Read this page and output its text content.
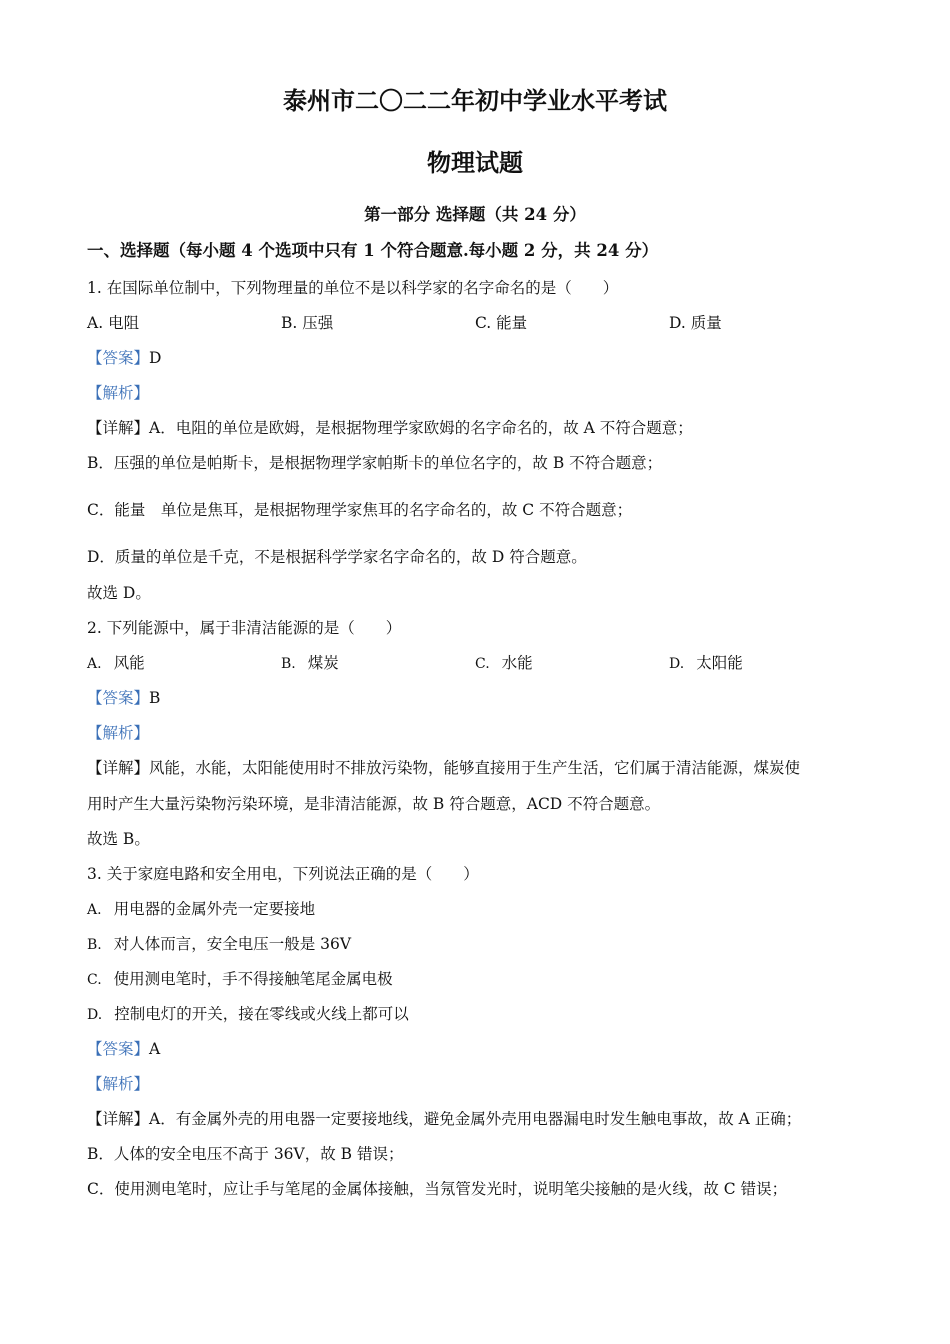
泰州市二〇二二年初中学业水平考试
物理试题
第一部分 选择题（共 24 分）
一、选择题（每小题 4 个选项中只有 1 个符合题意.每小题 2 分，共 24 分）
1. 在国际单位制中，下列物理量的单位不是以科学家的名字命名的是（　　）
A. 电阻	B. 压强	C. 能量	D. 质量
【答案】D
【解析】
【详解】A．电阻的单位是欧姆，是根据物理学家欧姆的名字命名的，故 A 不符合题意；
B．压强的单位是帕斯卡，是根据物理学家帕斯卡的单位名字的，故 B 不符合题意；
C．能量　单位是焦耳，是根据物理学家焦耳的名字命名的，故 C 不符合题意；
D．质量的单位是千克，不是根据科学学家名字命名的，故 D 符合题意。
故选 D。
2. 下列能源中，属于非清洁能源的是（　　）
A. 风能	B. 煤炭	C. 水能	D. 太阳能
【答案】B
【解析】
【详解】风能，水能，太阳能使用时不排放污染物，能够直接用于生产生活，它们属于清洁能源，煤炭使
用时产生大量污染物污染环境，是非清洁能源，故 B 符合题意，ACD 不符合题意。
故选 B。
3. 关于家庭电路和安全用电，下列说法正确的是（　　）
A. 用电器的金属外壳一定要接地
B. 对人体而言，安全电压一般是 36V
C. 使用测电笔时，手不得接触笔尾金属电极
D. 控制电灯的开关，接在零线或火线上都可以
【答案】A
【解析】
【详解】A．有金属外壳的用电器一定要接地线，避免金属外壳用电器漏电时发生触电事故，故 A 正确；
B．人体的安全电压不高于 36V，故 B 错误；
C．使用测电笔时，应让手与笔尾的金属体接触，当氖管发光时，说明笔尖接触的是火线，故 C 错误；
